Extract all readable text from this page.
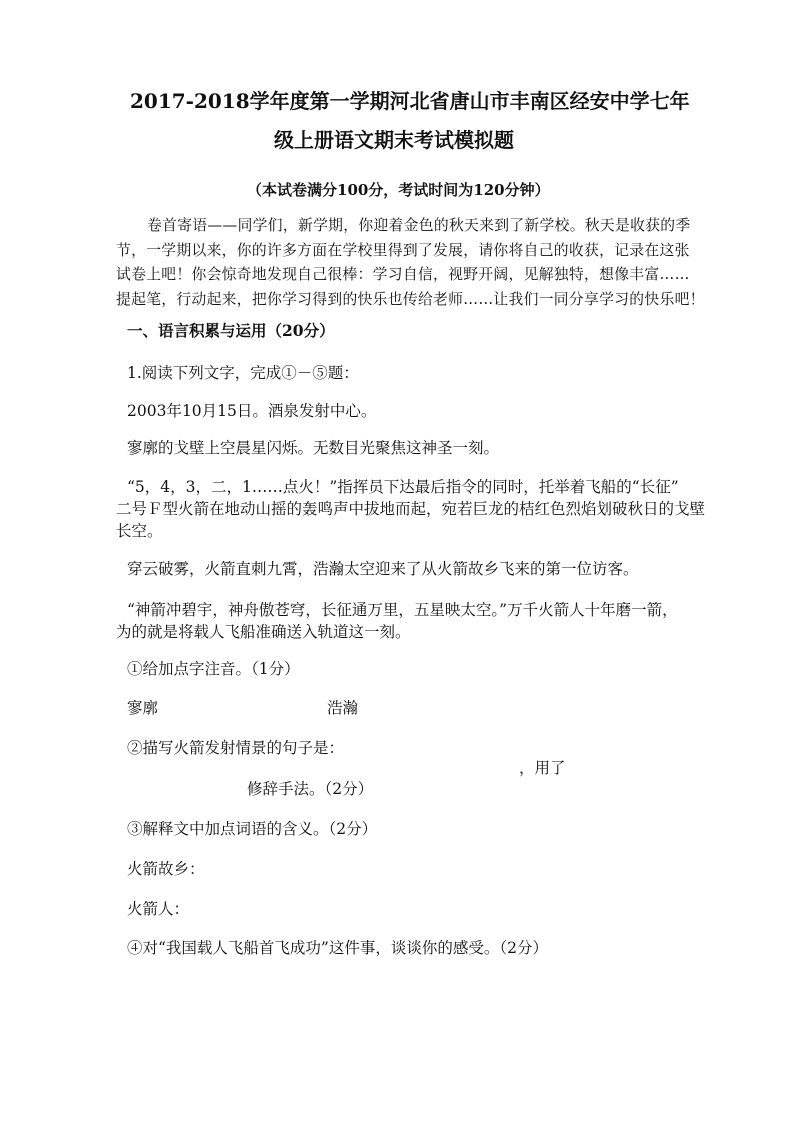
2017-2018学年度第一学期河北省唐山市丰南区经安中学七年
级上册语文期末考试模拟题
（本试卷满分100分，考试时间为120分钟）
卷首寄语——同学们，新学期，你迎着金色的秋天来到了新学校。秋天是收获的季
节，一学期以来，你的许多方面在学校里得到了发展，请你将自己的收获，记录在这张
试卷上吧！你会惊奇地发现自己很棒：学习自信，视野开阔，见解独特，想像丰富……
提起笔，行动起来，把你学习得到的快乐也传给老师……让我们一同分享学习的快乐吧！
一、语言积累与运用（20分）
1.阅读下列文字，完成①－⑤题：
2003年10月15日。酒泉发射中心。
寥廓的戈壁上空晨星闪烁。无数目光聚焦这神圣一刻。
“5，4，3，二，1……点火！”指挥员下达最后指令的同时，托举着飞船的“长征”
二号Ｆ型火箭在地动山摇的轰鸣声中拔地而起，宛若巨龙的桔红色烈焰划破秋日的戈壁
长空。
穿云破雾，火箭直刺九霄，浩瀚太空迎来了从火箭故乡飞来的第一位访客。
“神箭冲碧宇，神舟傲苍穹，长征通万里，五星映太空。”万千火箭人十年磨一箭，
为的就是将载人飞船准确送入轨道这一刻。
①给加点字注音。（1分）
寥廓	浩瀚
②描写火箭发射情景的句子是：
，用了
修辞手法。（2分）
③解释文中加点词语的含义。（2分）
火箭故乡：
火箭人：
④对“我国载人飞船首飞成功”这件事，谈谈你的感受。（2分）
